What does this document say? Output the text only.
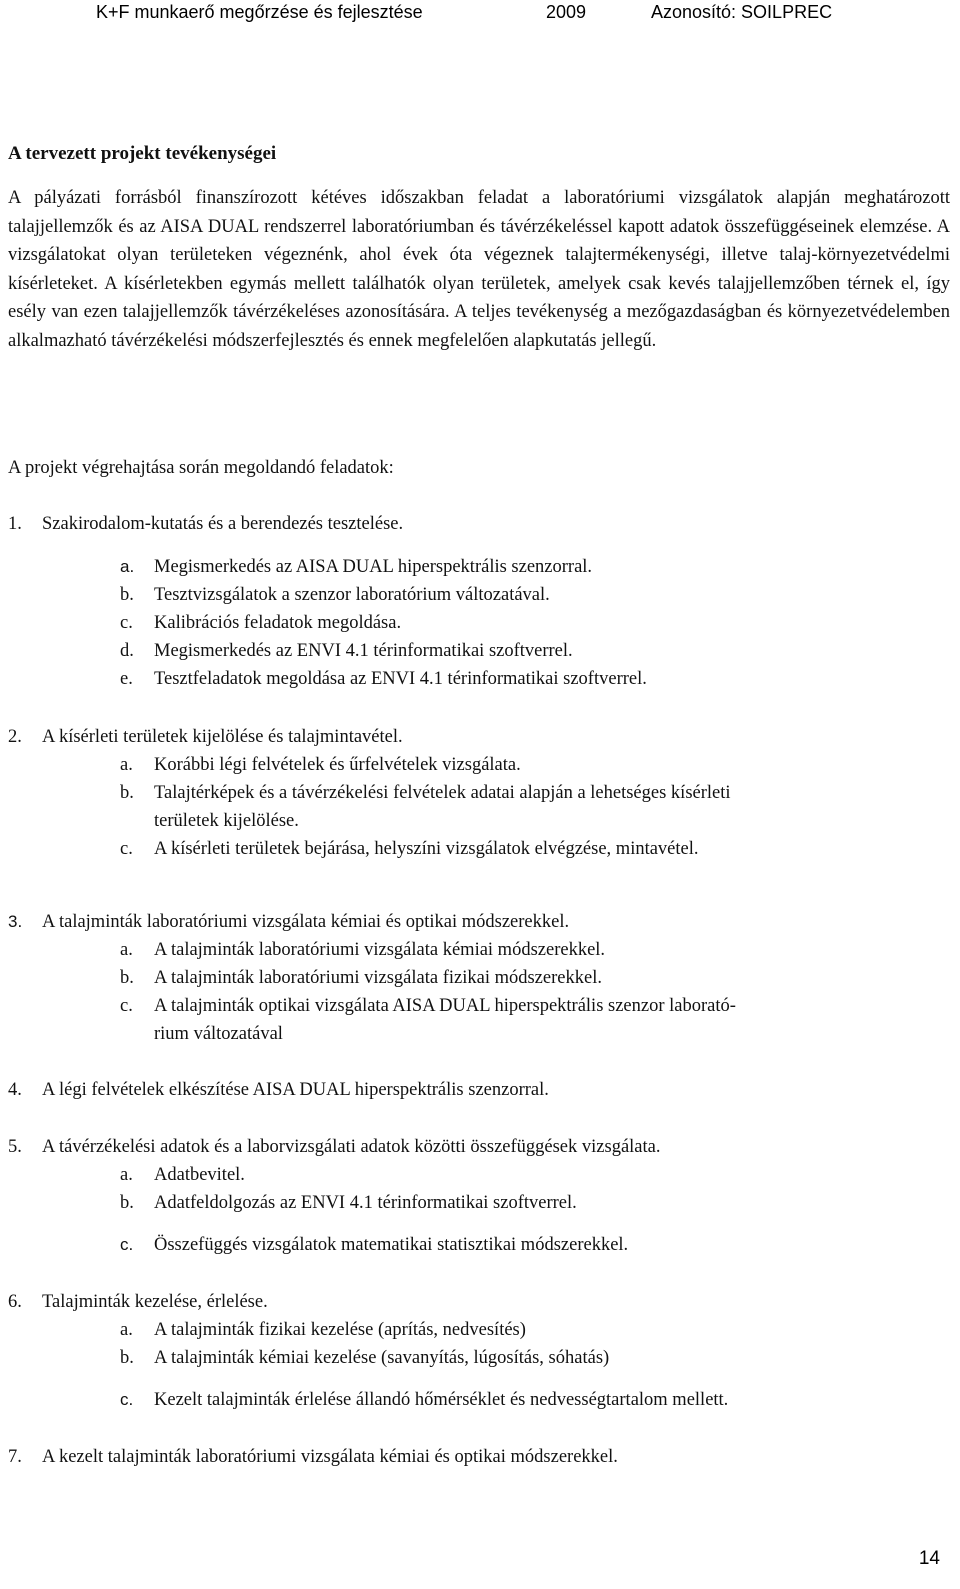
K+F munkaerő megőrzése és fejlesztése	2009	Azonosító: SOILPREC
A tervezett projekt tevékenységei
A pályázati forrásból finanszírozott kétéves időszakban feladat a laboratóriumi vizsgálatok alapján meghatározott talajjellemzők és az AISA DUAL rendszerrel laboratóriumban és távérzékeléssel kapott adatok összefüggéseinek elemzése. A vizsgálatokat olyan területeken végeznénk, ahol évek óta végeznek talajtermékenységi, illetve talaj-környezetvédelmi kísérleteket. A kísérletekben egymás mellett találhatók olyan területek, amelyek csak kevés talajjellemzőben térnek el, így esély van ezen talajjellemzők távérzékeléses azonosítására. A teljes tevékenység a mezőgazdaságban és környezetvédelemben alkalmazható távérzékelési módszerfejlesztés és ennek megfelelően alapkutatás jellegű.
A projekt végrehajtása során megoldandó feladatok:
1. Szakirodalom-kutatás és a berendezés tesztelése.
a. Megismerkedés az AISA DUAL hiperspektrális szenzorral.
b. Tesztvizsgálatok a szenzor laboratórium változatával.
c. Kalibrációs feladatok megoldása.
d. Megismerkedés az ENVI 4.1 térinformatikai szoftverrel.
e. Tesztfeladatok megoldása az ENVI 4.1 térinformatikai szoftverrel.
2. A kísérleti területek kijelölése és talajmintavétel.
a. Korábbi légi felvételek és űrfelvételek vizsgálata.
b. Talajtérképek és a távérzékelési felvételek adatai alapján a lehetséges kísérleti
területek kijelölése.
c. A kísérleti területek bejárása, helyszíni vizsgálatok elvégzése, mintavétel.
3. A talajminták laboratóriumi vizsgálata kémiai és optikai módszerekkel.
a. A talajminták laboratóriumi vizsgálata kémiai módszerekkel.
b. A talajminták laboratóriumi vizsgálata fizikai módszerekkel.
c. A talajminták optikai vizsgálata AISA DUAL hiperspektrális szenzor laborató-
rium változatával
4. A légi felvételek elkészítése AISA DUAL hiperspektrális szenzorral.
5. A távérzékelési adatok és a laborvizsgálati adatok közötti összefüggések vizsgálata.
a. Adatbevitel.
b. Adatfeldolgozás az ENVI 4.1 térinformatikai szoftverrel.
c. Összefüggés vizsgálatok matematikai statisztikai módszerekkel.
6. Talajminták kezelése, érlelése.
a. A talajminták fizikai kezelése (aprítás, nedvesítés)
b. A talajminták kémiai kezelése (savanyítás, lúgosítás, sóhatás)
c. Kezelt talajminták érlelése állandó hőmérséklet és nedvességtartalom mellett.
7. A kezelt talajminták laboratóriumi vizsgálata kémiai és optikai módszerekkel.
14
